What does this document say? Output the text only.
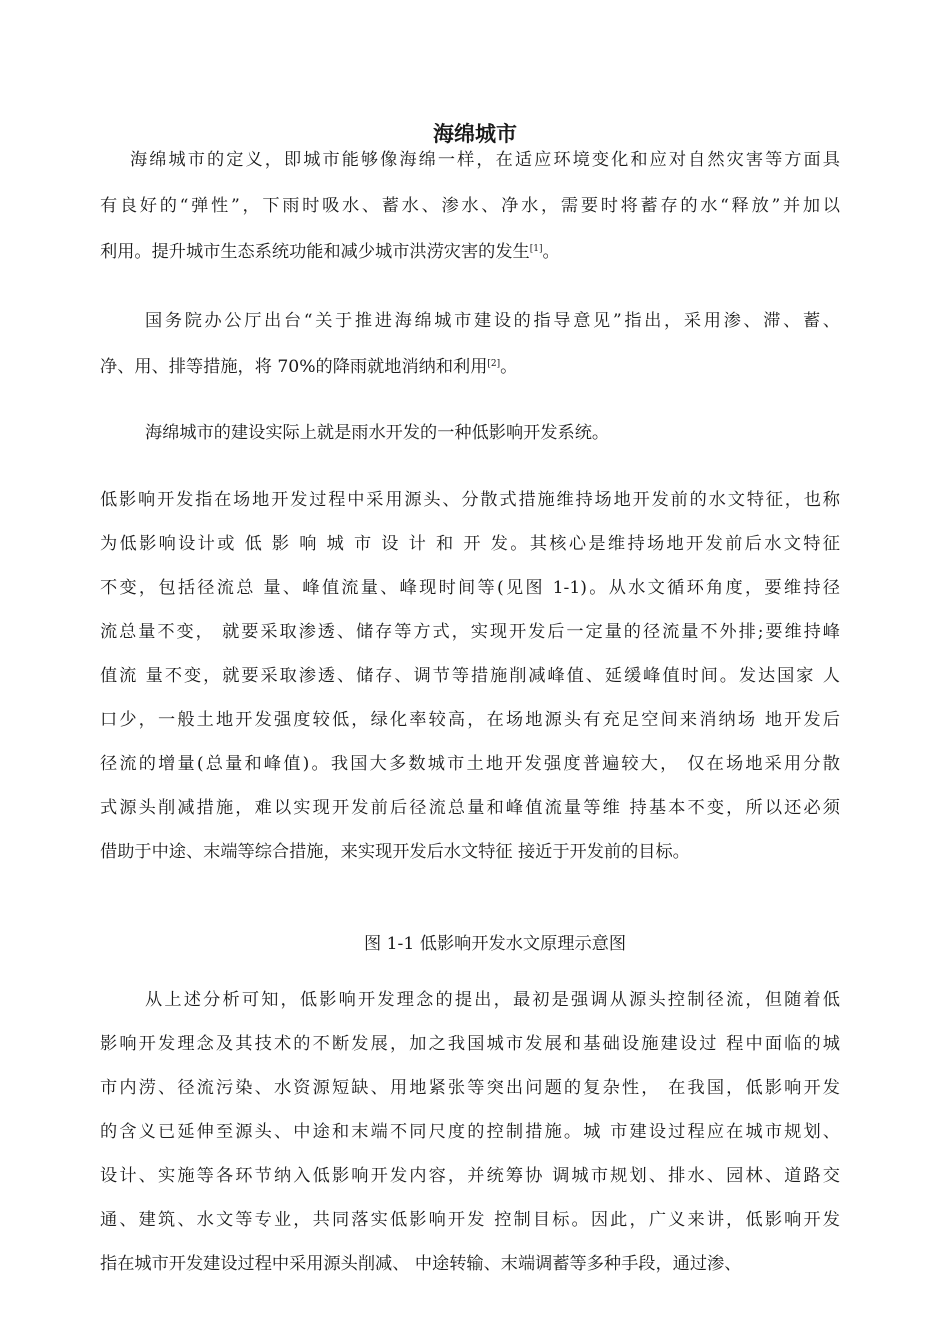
海绵城市
海绵城市的定义，即城市能够像海绵一样，在适应环境变化和应对自然灾害等方面具
有良好的“弹性”，下雨时吸水、蓄水、渗水、净水，需要时将蓄存的水“释放”并加以
利用。提升城市生态系统功能和减少城市洪涝灾害的发生[1]。
国务院办公厅出台“关于推进海绵城市建设的指导意见”指出，采用渗、滞、蓄、
净、用、排等措施，将 70%的降雨就地消纳和利用[2]。
海绵城市的建设实际上就是雨水开发的一种低影响开发系统。
低影响开发指在场地开发过程中采用源头、分散式措施维持场地开发前的水文特征，也称
为低影响设计或 低 影 响 城 市 设 计 和 开 发。其核心是维持场地开发前后水文特征
不变，包括径流总 量、峰值流量、峰现时间等(见图 1-1)。从水文循环角度，要维持径
流总量不变， 就要采取渗透、储存等方式，实现开发后一定量的径流量不外排;要维持峰
值流 量不变，就要采取渗透、储存、调节等措施削减峰值、延缓峰值时间。发达国家 人
口少，一般土地开发强度较低，绿化率较高，在场地源头有充足空间来消纳场 地开发后
径流的增量(总量和峰值)。我国大多数城市土地开发强度普遍较大， 仅在场地采用分散
式源头削减措施，难以实现开发前后径流总量和峰值流量等维 持基本不变，所以还必须
借助于中途、末端等综合措施，来实现开发后水文特征 接近于开发前的目标。

图 1-1 低影响开发水文原理示意图

从上述分析可知，低影响开发理念的提出，最初是强调从源头控制径流，但随着低
影响开发理念及其技术的不断发展，加之我国城市发展和基础设施建设过 程中面临的城
市内涝、径流污染、水资源短缺、用地紧张等突出问题的复杂性， 在我国，低影响开发
的含义已延伸至源头、中途和末端不同尺度的控制措施。城 市建设过程应在城市规划、
设计、实施等各环节纳入低影响开发内容，并统筹协 调城市规划、排水、园林、道路交
通、建筑、水文等专业，共同落实低影响开发 控制目标。因此，广义来讲，低影响开发
指在城市开发建设过程中采用源头削减、 中途转输、末端调蓄等多种手段，通过渗、
